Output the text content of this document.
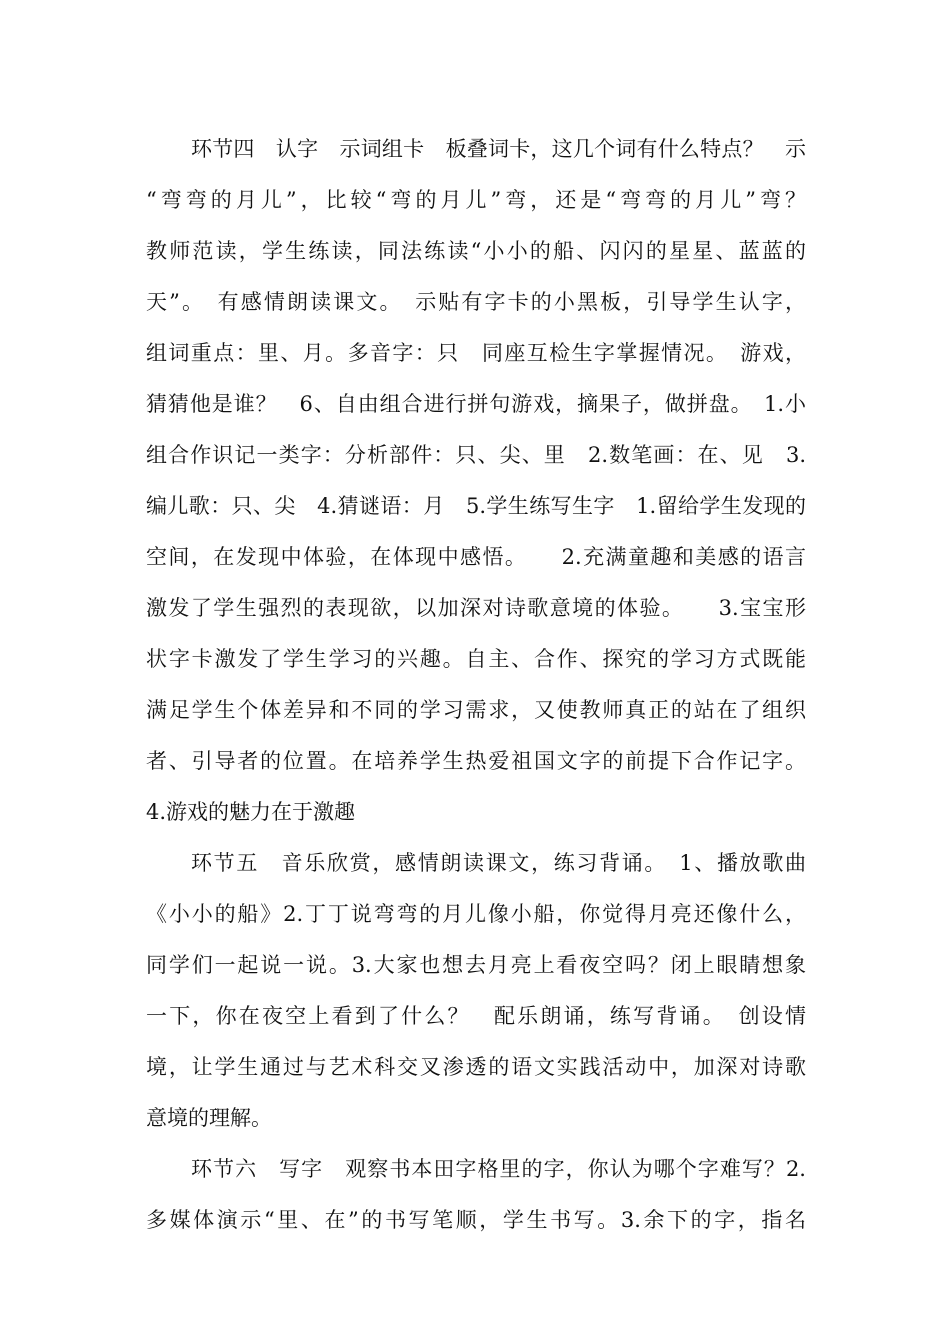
环节四　认字　示词组卡　板叠词卡，这几个词有什么特点？　示
“弯弯的月儿”，比较“弯的月儿”弯，还是“弯弯的月儿”弯？
教师范读，学生练读，同法练读“小小的船、闪闪的星星、蓝蓝的
天”。　有感情朗读课文。　示贴有字卡的小黑板，引导学生认字，
组词重点：里、月。多音字：只　同座互检生字掌握情况。　游戏，
猜猜他是谁？　6、自由组合进行拼句游戏，摘果子，做拼盘。　1.小
组合作识记一类字：分析部件：只、尖、里　2.数笔画：在、见　3.
编儿歌：只、尖　4.猜谜语：月　5.学生练写生字　1.留给学生发现的
空间，在发现中体验，在体现中感悟。　　2.充满童趣和美感的语言
激发了学生强烈的表现欲，以加深对诗歌意境的体验。　　3.宝宝形
状字卡激发了学生学习的兴趣。自主、合作、探究的学习方式既能
满足学生个体差异和不同的学习需求，又使教师真正的站在了组织
者、引导者的位置。在培养学生热爱祖国文字的前提下合作记字。
4.游戏的魅力在于激趣
环节五　音乐欣赏，感情朗读课文，练习背诵。　1、播放歌曲
《小小的船》2.丁丁说弯弯的月儿像小船，你觉得月亮还像什么，
同学们一起说一说。3.大家也想去月亮上看夜空吗？闭上眼睛想象
一下，你在夜空上看到了什么？　配乐朗诵，练写背诵。　创设情
境，让学生通过与艺术科交叉渗透的语文实践活动中，加深对诗歌
意境的理解。
环节六　写字　观察书本田字格里的字，你认为哪个字难写？2.
多媒体演示“里、在”的书写笔顺，学生书写。3.余下的字，指名
